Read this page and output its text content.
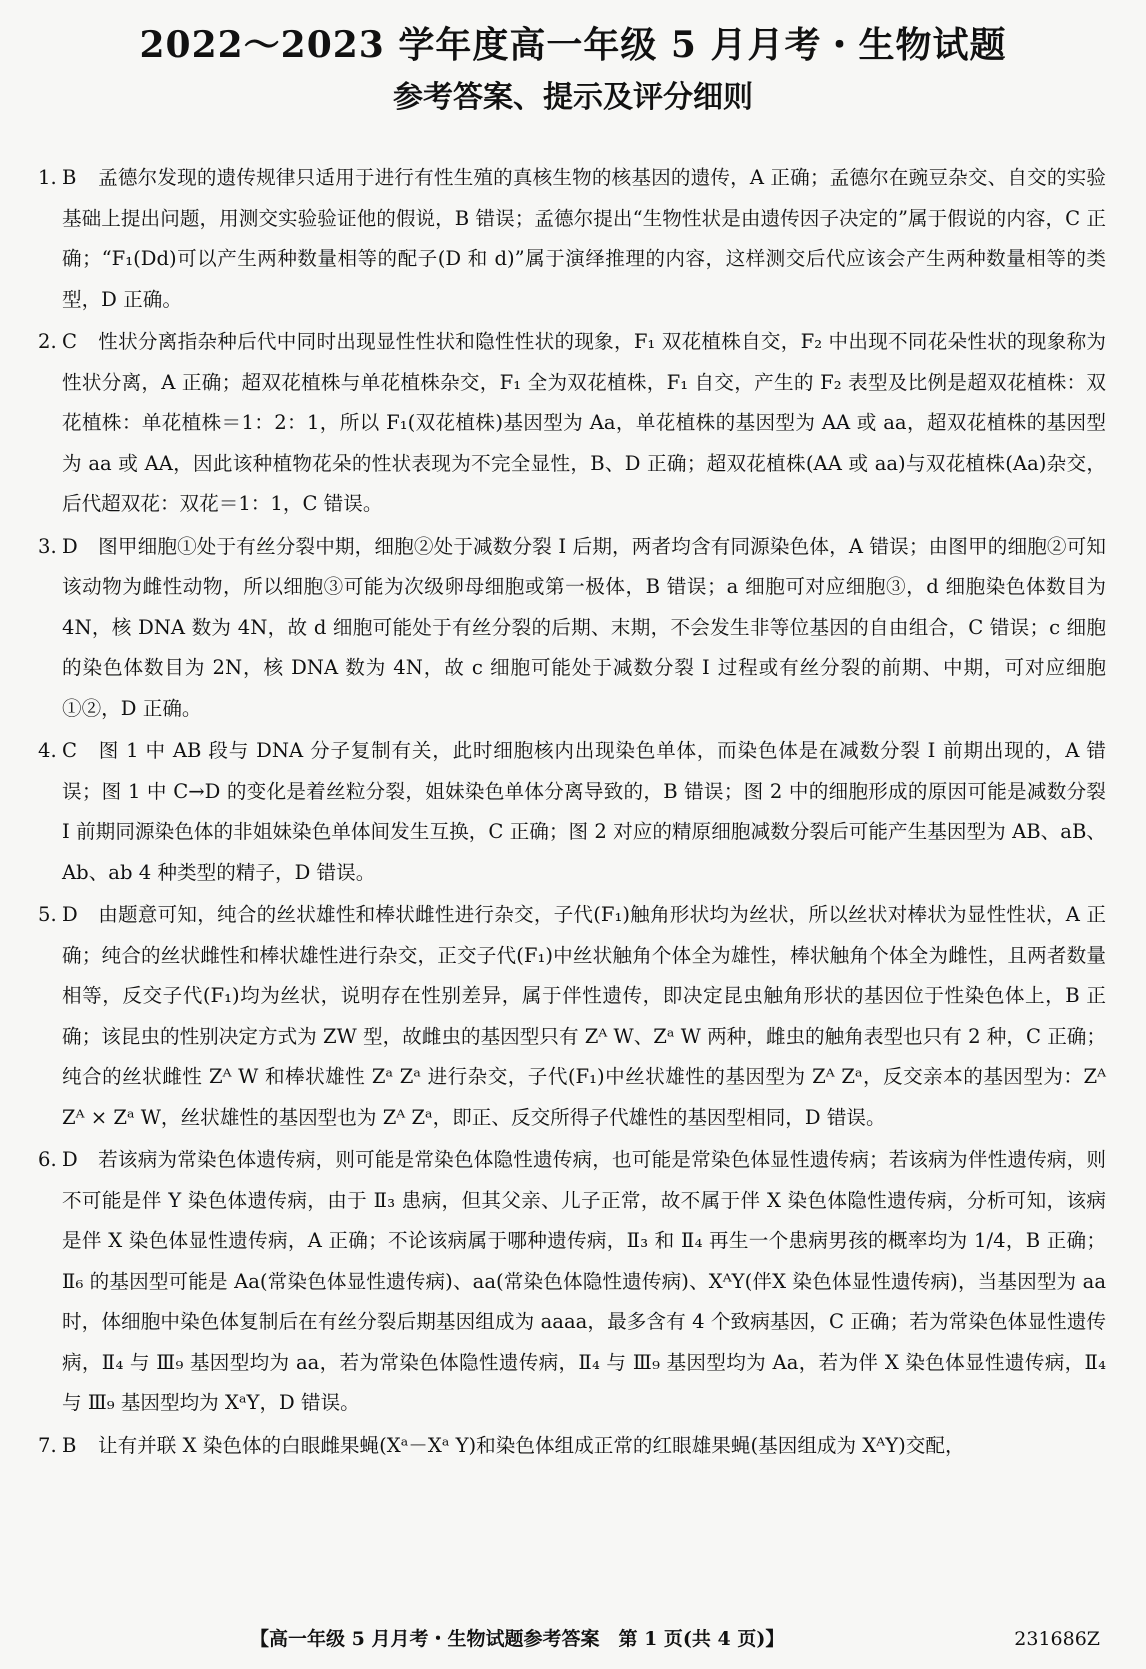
2022～2023 学年度高一年级 5 月月考・生物试题
参考答案、提示及评分细则
1. B 孟德尔发现的遗传规律只适用于进行有性生殖的真核生物的核基因的遗传，A 正确；孟德尔在豌豆杂交、自交的实验基础上提出问题，用测交实验验证他的假说，B 错误；孟德尔提出“生物性状是由遗传因子决定的”属于假说的内容，C 正确；“F₁(Dd)可以产生两种数量相等的配子(D 和 d)”属于演绎推理的内容，这样测交后代应该会产生两种数量相等的类型，D 正确。
2. C 性状分离指杂种后代中同时出现显性性状和隐性性状的现象，F₁ 双花植株自交，F₂ 中出现不同花朵性状的现象称为性状分离，A 正确；超双花植株与单花植株杂交，F₁ 全为双花植株，F₁ 自交，产生的 F₂ 表型及比例是超双花植株：双花植株：单花植株＝1：2：1，所以 F₁(双花植株)基因型为 Aa，单花植株的基因型为 AA 或 aa，超双花植株的基因型为 aa 或 AA，因此该种植物花朵的性状表现为不完全显性，B、D 正确；超双花植株(AA 或 aa)与双花植株(Aa)杂交，后代超双花：双花＝1：1，C 错误。
3. D 图甲细胞①处于有丝分裂中期，细胞②处于减数分裂 Ⅰ 后期，两者均含有同源染色体，A 错误；由图甲的细胞②可知该动物为雌性动物，所以细胞③可能为次级卵母细胞或第一极体，B 错误；a 细胞可对应细胞③，d 细胞染色体数目为 4N，核 DNA 数为 4N，故 d 细胞可能处于有丝分裂的后期、末期，不会发生非等位基因的自由组合，C 错误；c 细胞的染色体数目为 2N，核 DNA 数为 4N，故 c 细胞可能处于减数分裂 Ⅰ 过程或有丝分裂的前期、中期，可对应细胞①②，D 正确。
4. C 图 1 中 AB 段与 DNA 分子复制有关，此时细胞核内出现染色单体，而染色体是在减数分裂 Ⅰ 前期出现的，A 错误；图 1 中 C→D 的变化是着丝粒分裂，姐妹染色单体分离导致的，B 错误；图 2 中的细胞形成的原因可能是减数分裂 Ⅰ 前期同源染色体的非姐妹染色单体间发生互换，C 正确；图 2 对应的精原细胞减数分裂后可能产生基因型为 AB、aB、Ab、ab 4 种类型的精子，D 错误。
5. D 由题意可知，纯合的丝状雄性和棒状雌性进行杂交，子代(F₁)触角形状均为丝状，所以丝状对棒状为显性性状，A 正确；纯合的丝状雌性和棒状雄性进行杂交，正交子代(F₁)中丝状触角个体全为雄性，棒状触角个体全为雌性，且两者数量相等，反交子代(F₁)均为丝状，说明存在性别差异，属于伴性遗传，即决定昆虫触角形状的基因位于性染色体上，B 正确；该昆虫的性别决定方式为 ZW 型，故雌虫的基因型只有 Zᴬ W、Zᵃ W 两种，雌虫的触角表型也只有 2 种，C 正确；纯合的丝状雌性 Zᴬ W 和棒状雄性 Zᵃ Zᵃ 进行杂交，子代(F₁)中丝状雄性的基因型为 Zᴬ Zᵃ，反交亲本的基因型为：Zᴬ Zᴬ × Zᵃ W，丝状雄性的基因型也为 Zᴬ Zᵃ，即正、反交所得子代雄性的基因型相同，D 错误。
6. D 若该病为常染色体遗传病，则可能是常染色体隐性遗传病，也可能是常染色体显性遗传病；若该病为伴性遗传病，则不可能是伴 Y 染色体遗传病，由于 Ⅱ₃ 患病，但其父亲、儿子正常，故不属于伴 X 染色体隐性遗传病，分析可知，该病是伴 X 染色体显性遗传病，A 正确；不论该病属于哪种遗传病，Ⅱ₃ 和 Ⅱ₄ 再生一个患病男孩的概率均为 1/4，B 正确；Ⅱ₆ 的基因型可能是 Aa(常染色体显性遗传病)、aa(常染色体隐性遗传病)、XᴬY(伴X 染色体显性遗传病)，当基因型为 aa 时，体细胞中染色体复制后在有丝分裂后期基因组成为 aaaa，最多含有 4 个致病基因，C 正确；若为常染色体显性遗传病，Ⅱ₄ 与 Ⅲ₉ 基因型均为 aa，若为常染色体隐性遗传病，Ⅱ₄ 与 Ⅲ₉ 基因型均为 Aa，若为伴 X 染色体显性遗传病，Ⅱ₄ 与 Ⅲ₉ 基因型均为 XᵃY，D 错误。
7. B 让有并联 X 染色体的白眼雌果蝇(Xᵃ－Xᵃ Y)和染色体组成正常的红眼雄果蝇(基因组成为 XᴬY)交配，
【高一年级 5 月月考・生物试题参考答案　第 1 页(共 4 页)】	231686Z
